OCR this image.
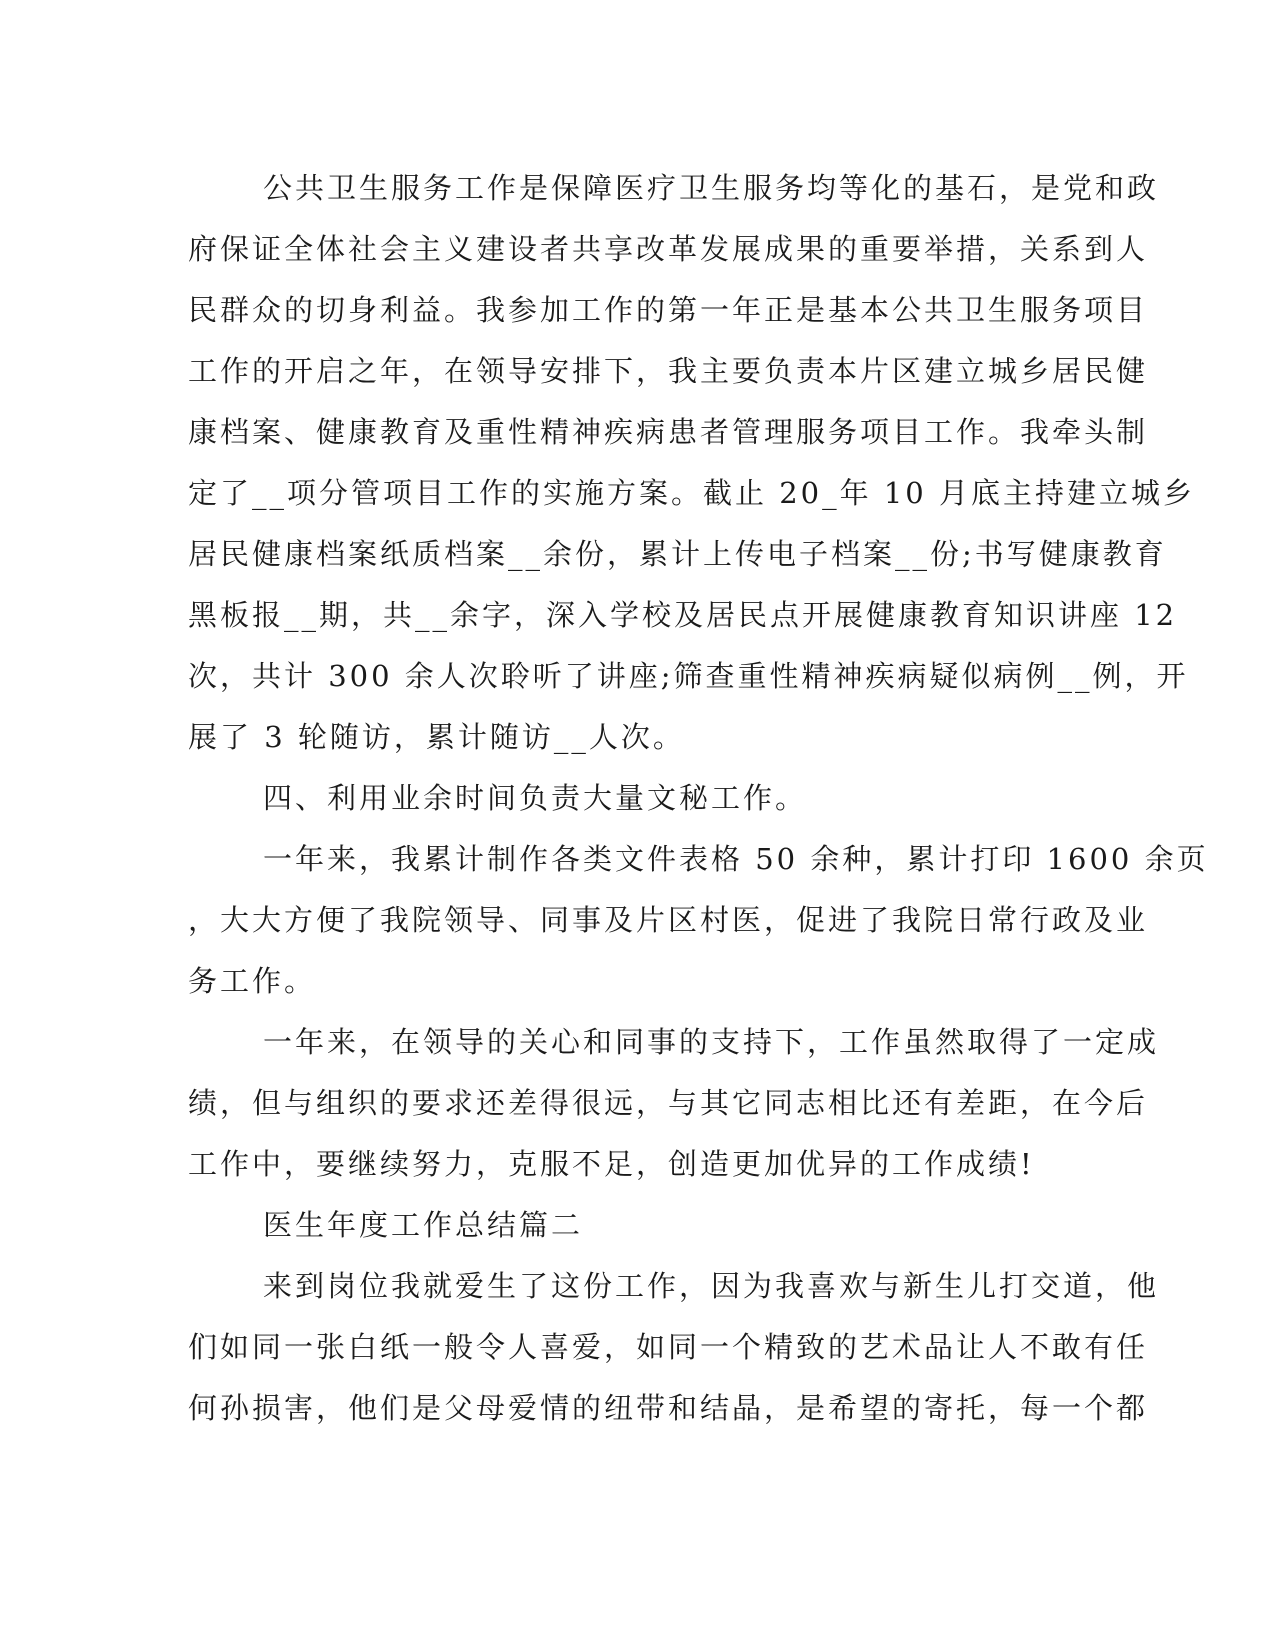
公共卫生服务工作是保障医疗卫生服务均等化的基石，是党和政
府保证全体社会主义建设者共享改革发展成果的重要举措，关系到人
民群众的切身利益。我参加工作的第一年正是基本公共卫生服务项目
工作的开启之年，在领导安排下，我主要负责本片区建立城乡居民健
康档案、健康教育及重性精神疾病患者管理服务项目工作。我牵头制
定了__项分管项目工作的实施方案。截止 20_年 10 月底主持建立城乡
居民健康档案纸质档案__余份，累计上传电子档案__份;书写健康教育
黑板报__期，共__余字，深入学校及居民点开展健康教育知识讲座 12
次，共计 300 余人次聆听了讲座;筛查重性精神疾病疑似病例__例，开
展了 3 轮随访，累计随访__人次。
四、利用业余时间负责大量文秘工作。
一年来，我累计制作各类文件表格 50 余种，累计打印 1600 余页
，大大方便了我院领导、同事及片区村医，促进了我院日常行政及业
务工作。
一年来，在领导的关心和同事的支持下，工作虽然取得了一定成
绩，但与组织的要求还差得很远，与其它同志相比还有差距，在今后
工作中，要继续努力，克服不足，创造更加优异的工作成绩!
医生年度工作总结篇二
来到岗位我就爱生了这份工作，因为我喜欢与新生儿打交道，他
们如同一张白纸一般令人喜爱，如同一个精致的艺术品让人不敢有任
何孙损害，他们是父母爱情的纽带和结晶，是希望的寄托，每一个都
